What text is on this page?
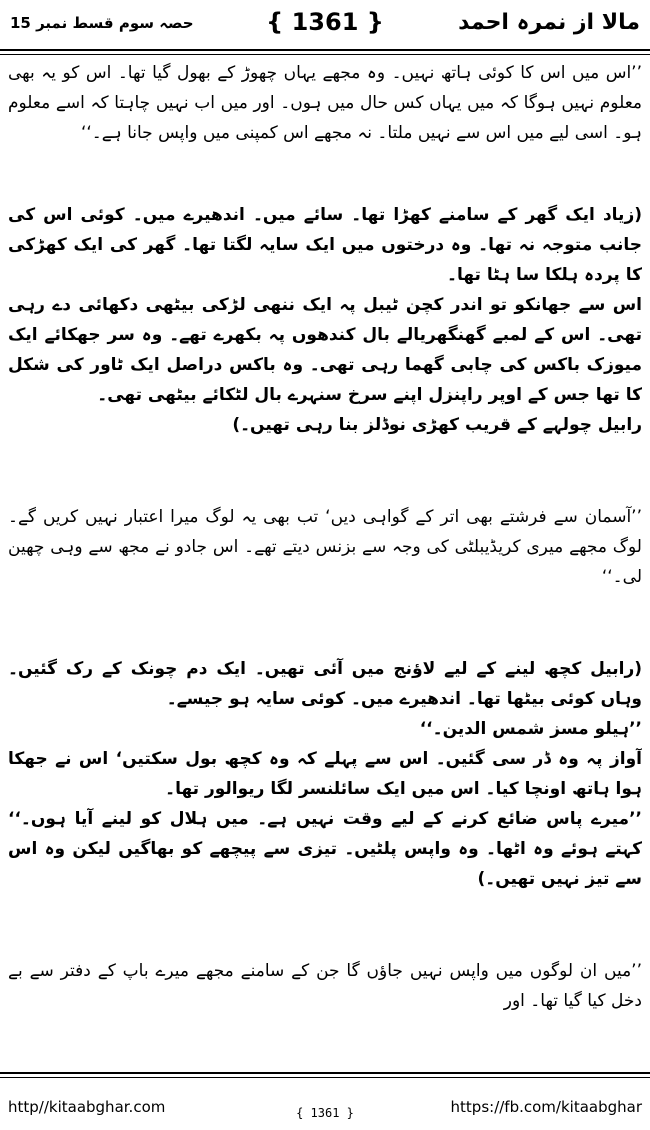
مالا از نمرہ احمد
{ 1361 }
حصہ سوم قسط نمبر 15
’’اس میں اس کا کوئی ہاتھ نہیں۔ وہ مجھے یہاں چھوڑ کے بھول گیا تھا۔ اس کو یہ بھی معلوم نہیں ہوگا کہ میں یہاں کس حال میں ہوں۔ اور میں اب نہیں چاہتا کہ اسے معلوم ہو۔ اسی لیے میں اس سے نہیں ملتا۔ نہ مجھے اس کمپنی میں واپس جانا ہے۔‘‘
(زیاد ایک گھر کے سامنے کھڑا تھا۔ سائے میں۔ اندھیرے میں۔ کوئی اس کی جانب متوجہ نہ تھا۔ وہ درختوں میں ایک سایہ لگتا تھا۔ گھر کی ایک کھڑکی کا پردہ ہلکا سا ہٹا تھا۔
اس سے جھانکو تو اندر کچن ٹیبل پہ ایک ننھی لڑکی بیٹھی دکھائی دے رہی تھی۔ اس کے لمبے گھنگھریالے بال کندھوں پہ بکھرے تھے۔ وہ سر جھکائے ایک میوزک باکس کی چابی گھما رہی تھی۔ وہ باکس دراصل ایک ٹاور کی شکل کا تھا جس کے اوپر راپنزل اپنے سرخ سنہرے بال لٹکائے بیٹھی تھی۔
رابیل چولہے کے قریب کھڑی نوڈلز بنا رہی تھیں۔)
’’آسمان سے فرشتے بھی اتر کے گواہی دیں‘ تب بھی یہ لوگ میرا اعتبار نہیں کریں گے۔ لوگ مجھے میری کریڈیبلٹی کی وجہ سے بزنس دیتے تھے۔ اس جادو نے مجھ سے وہی چھین لی۔‘‘
(رابیل کچھ لینے کے لیے لاؤنج میں آئی تھیں۔ ایک دم چونک کے رک گئیں۔ وہاں کوئی بیٹھا تھا۔ اندھیرے میں۔ کوئی سایہ ہو جیسے۔
’’ہیلو مسز شمس الدین۔‘‘
آواز پہ وہ ڈر سی گئیں۔ اس سے پہلے کہ وہ کچھ بول سکتیں‘ اس نے جھکا ہوا ہاتھ اونچا کیا۔ اس میں ایک سائلنسر لگا ریوالور تھا۔
’’میرے پاس ضائع کرنے کے لیے وقت نہیں ہے۔ میں ہلال کو لینے آیا ہوں۔‘‘ کہتے ہوئے وہ اٹھا۔ وہ واپس پلٹیں۔ تیزی سے پیچھے کو بھاگیں لیکن وہ اس سے تیز نہیں تھیں۔)
’’میں ان لوگوں میں واپس نہیں جاؤں گا جن کے سامنے مجھے میرے باپ کے دفتر سے بے دخل کیا گیا تھا۔ اور
http//kitaabghar.com	{ 1361 }	https://fb.com/kitaabghar
